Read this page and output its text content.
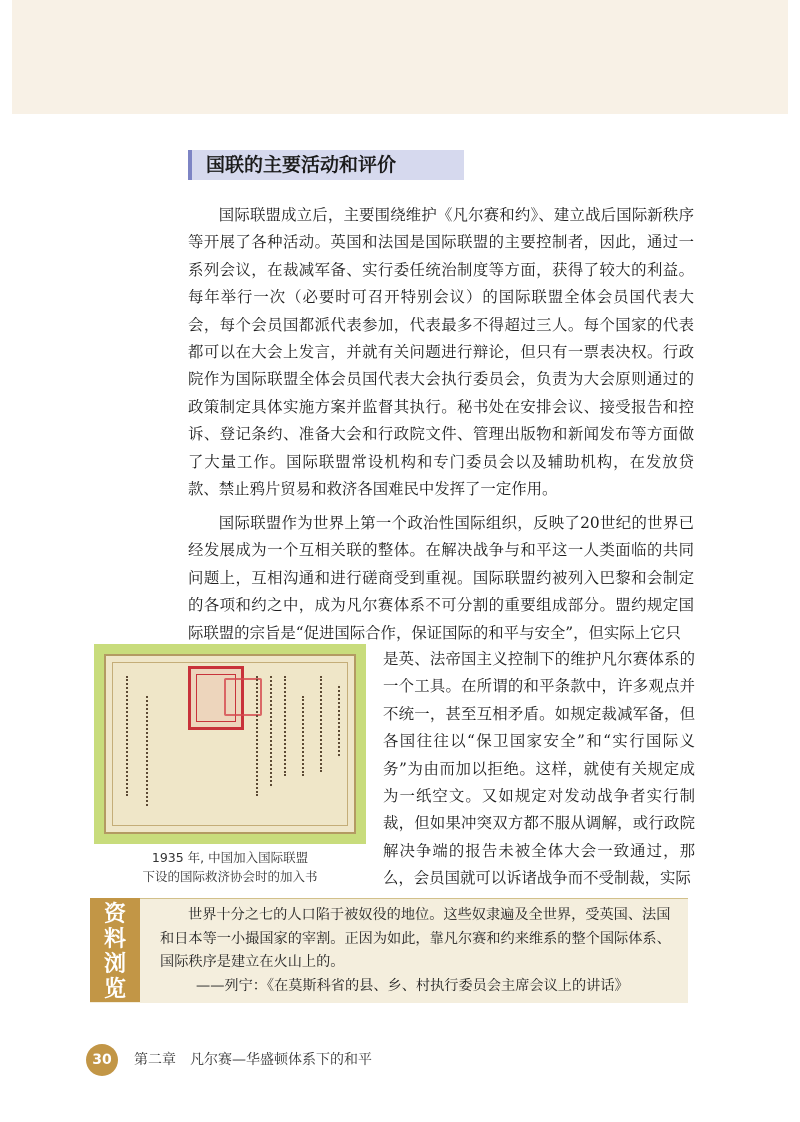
国联的主要活动和评价

国际联盟成立后，主要围绕维护《凡尔赛和约》、建立战后国际新秩序等开展了各种活动。英国和法国是国际联盟的主要控制者，因此，通过一系列会议，在裁减军备、实行委任统治制度等方面，获得了较大的利益。每年举行一次（必要时可召开特别会议）的国际联盟全体会员国代表大会，每个会员国都派代表参加，代表最多不得超过三人。每个国家的代表都可以在大会上发言，并就有关问题进行辩论，但只有一票表决权。行政院作为国际联盟全体会员国代表大会执行委员会，负责为大会原则通过的政策制定具体实施方案并监督其执行。秘书处在安排会议、接受报告和控诉、登记条约、准备大会和行政院文件、管理出版物和新闻发布等方面做了大量工作。国际联盟常设机构和专门委员会以及辅助机构，在发放贷款、禁止鸦片贸易和救济各国难民中发挥了一定作用。

国际联盟作为世界上第一个政治性国际组织，反映了20世纪的世界已经发展成为一个互相关联的整体。在解决战争与和平这一人类面临的共同问题上，互相沟通和进行磋商受到重视。国际联盟约被列入巴黎和会制定的各项和约之中，成为凡尔赛体系不可分割的重要组成部分。盟约规定国际联盟的宗旨是“促进国际合作，保证国际的和平与安全”，但实际上它只

是英、法帝国主义控制下的维护凡尔赛体系的一个工具。在所谓的和平条款中，许多观点并不统一，甚至互相矛盾。如规定裁减军备，但各国往往以“保卫国家安全”和“实行国际义务”为由而加以拒绝。这样，就使有关规定成为一纸空文。又如规定对发动战争者实行制裁，但如果冲突双方都不服从调解，或行政院解决争端的报告未被全体大会一致通过，那么，会员国就可以诉诸战争而不受制裁，实际

1935 年, 中国加入国际联盟
下设的国际救济协会时的加入书
资
料
浏
览

世界十分之七的人口陷于被奴役的地位。这些奴隶遍及全世界，受英国、法国和日本等一小撮国家的宰割。正因为如此，靠凡尔赛和约来维系的整个国际体系、国际秩序是建立在火山上的。

——列宁：《在莫斯科省的县、乡、村执行委员会主席会议上的讲话》
30	第二章　凡尔赛—华盛顿体系下的和平
